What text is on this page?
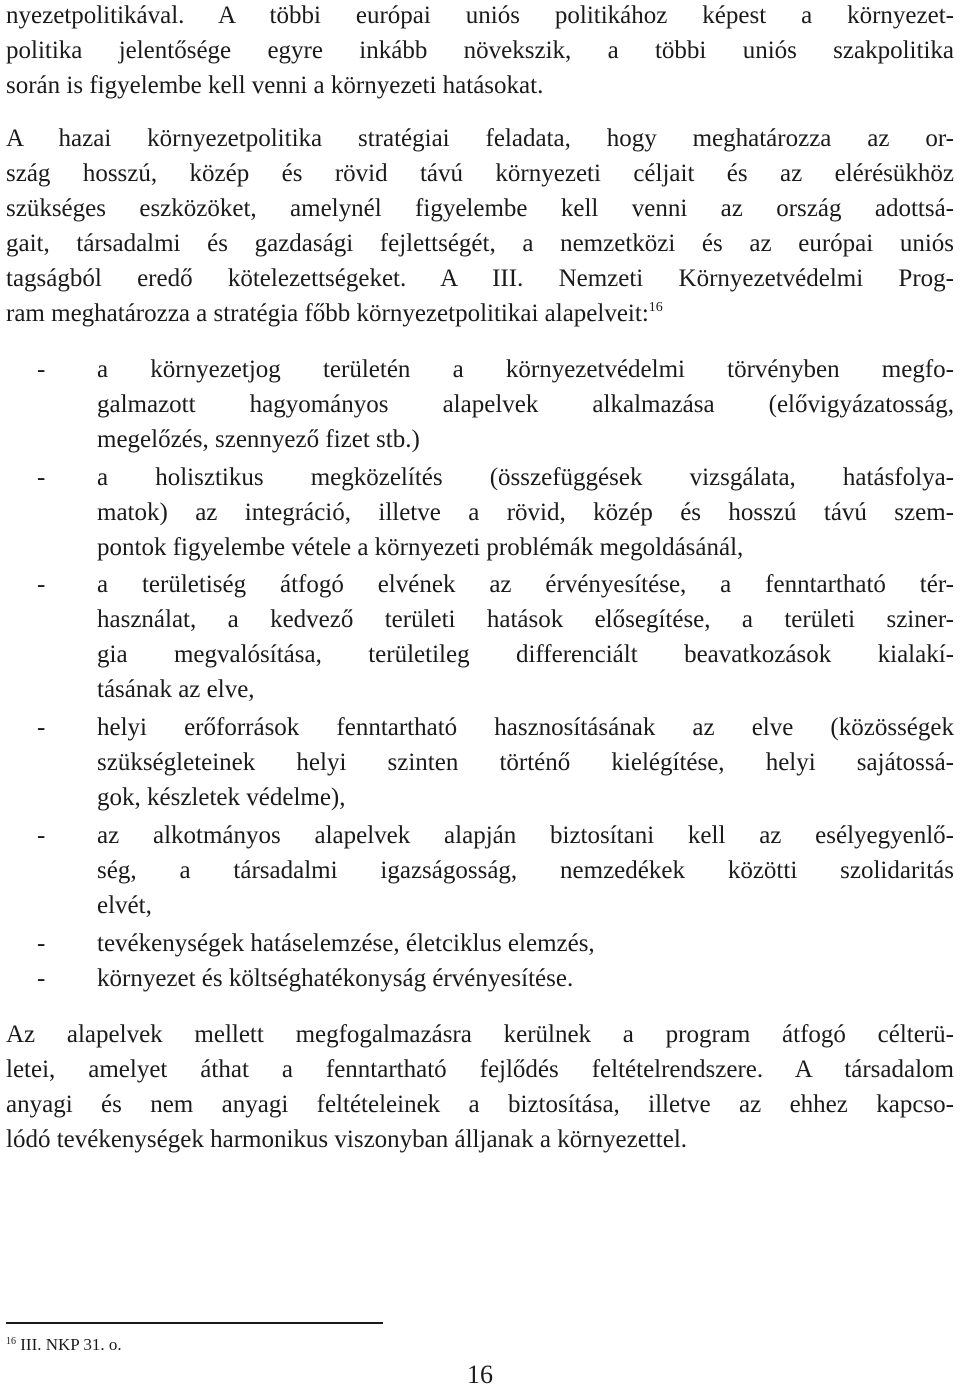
nyezetpolitikával. A többi európai uniós politikához képest a környezet-
politika jelentősége egyre inkább növekszik, a többi uniós szakpolitika
során is figyelembe kell venni a környezeti hatásokat.
A hazai környezetpolitika stratégiai feladata, hogy meghatározza az or-
szág hosszú, közép és rövid távú környezeti céljait és az elérésükhöz
szükséges eszközöket, amelynél figyelembe kell venni az ország adottsá-
gait, társadalmi és gazdasági fejlettségét, a nemzetközi és az európai uniós
tagságból eredő kötelezettségeket. A III. Nemzeti Környezetvédelmi Prog-
ram meghatározza a stratégia főbb környezetpolitikai alapelveit:$^{16}$
- a környezetjog területén a környezetvédelmi törvényben megfo-
galmazott hagyományos alapelvek alkalmazása (elővigyázatosság,
megelőzés, szennyező fizet stb.)
- a holisztikus megközelítés (összefüggések vizsgálata, hatásfolya-
matok) az integráció, illetve a rövid, közép és hosszú távú szem-
pontok figyelembe vétele a környezeti problémák megoldásánál,
- a területiség átfogó elvének az érvényesítése, a fenntartható tér-
használat, a kedvező területi hatások elősegítése, a területi sziner-
gia megvalósítása, területileg differenciált beavatkozások kialakí-
tásának az elve,
- helyi erőforrások fenntartható hasznosításának az elve (közösségek
szükségleteinek helyi szinten történő kielégítése, helyi sajátossá-
gok, készletek védelme),
- az alkotmányos alapelvek alapján biztosítani kell az esélyegyenlő-
ség, a társadalmi igazságosság, nemzedékek közötti szolidaritás
elvét,
- tevékenységek hatáselemzése, életciklus elemzés,
- környezet és költséghatékonyság érvényesítése.
Az alapelvek mellett megfogalmazásra kerülnek a program átfogó célterü-
letei, amelyet áthat a fenntartható fejlődés feltételrendszere. A társadalom
anyagi és nem anyagi feltételeinek a biztosítása, illetve az ehhez kapcso-
lódó tevékenységek harmonikus viszonyban álljanak a környezettel.
$^{16}$ III. NKP 31. o.
16
